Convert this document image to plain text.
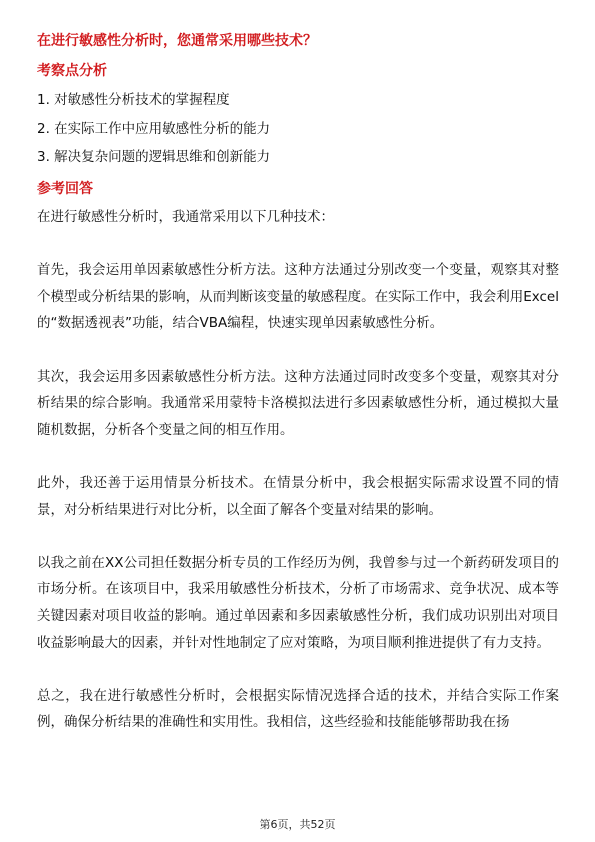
在进行敏感性分析时，您通常采用哪些技术？
考察点分析
1. 对敏感性分析技术的掌握程度
2. 在实际工作中应用敏感性分析的能力
3. 解决复杂问题的逻辑思维和创新能力
参考回答

在进行敏感性分析时，我通常采用以下几种技术：

首先，我会运用单因素敏感性分析方法。这种方法通过分别改变一个变量，观察其对整个模型或分析结果的影响，从而判断该变量的敏感程度。在实际工作中，我会利用Excel的“数据透视表”功能，结合VBA编程，快速实现单因素敏感性分析。

其次，我会运用多因素敏感性分析方法。这种方法通过同时改变多个变量，观察其对分析结果的综合影响。我通常采用蒙特卡洛模拟法进行多因素敏感性分析，通过模拟大量随机数据，分析各个变量之间的相互作用。

此外，我还善于运用情景分析技术。在情景分析中，我会根据实际需求设置不同的情景，对分析结果进行对比分析，以全面了解各个变量对结果的影响。

以我之前在XX公司担任数据分析专员的工作经历为例，我曾参与过一个新药研发项目的市场分析。在该项目中，我采用敏感性分析技术，分析了市场需求、竞争状况、成本等关键因素对项目收益的影响。通过单因素和多因素敏感性分析，我们成功识别出对项目收益影响最大的因素，并针对性地制定了应对策略，为项目顺利推进提供了有力支持。

总之，我在进行敏感性分析时，会根据实际情况选择合适的技术，并结合实际工作案例，确保分析结果的准确性和实用性。我相信，这些经验和技能能够帮助我在扬

第6页，共52页
